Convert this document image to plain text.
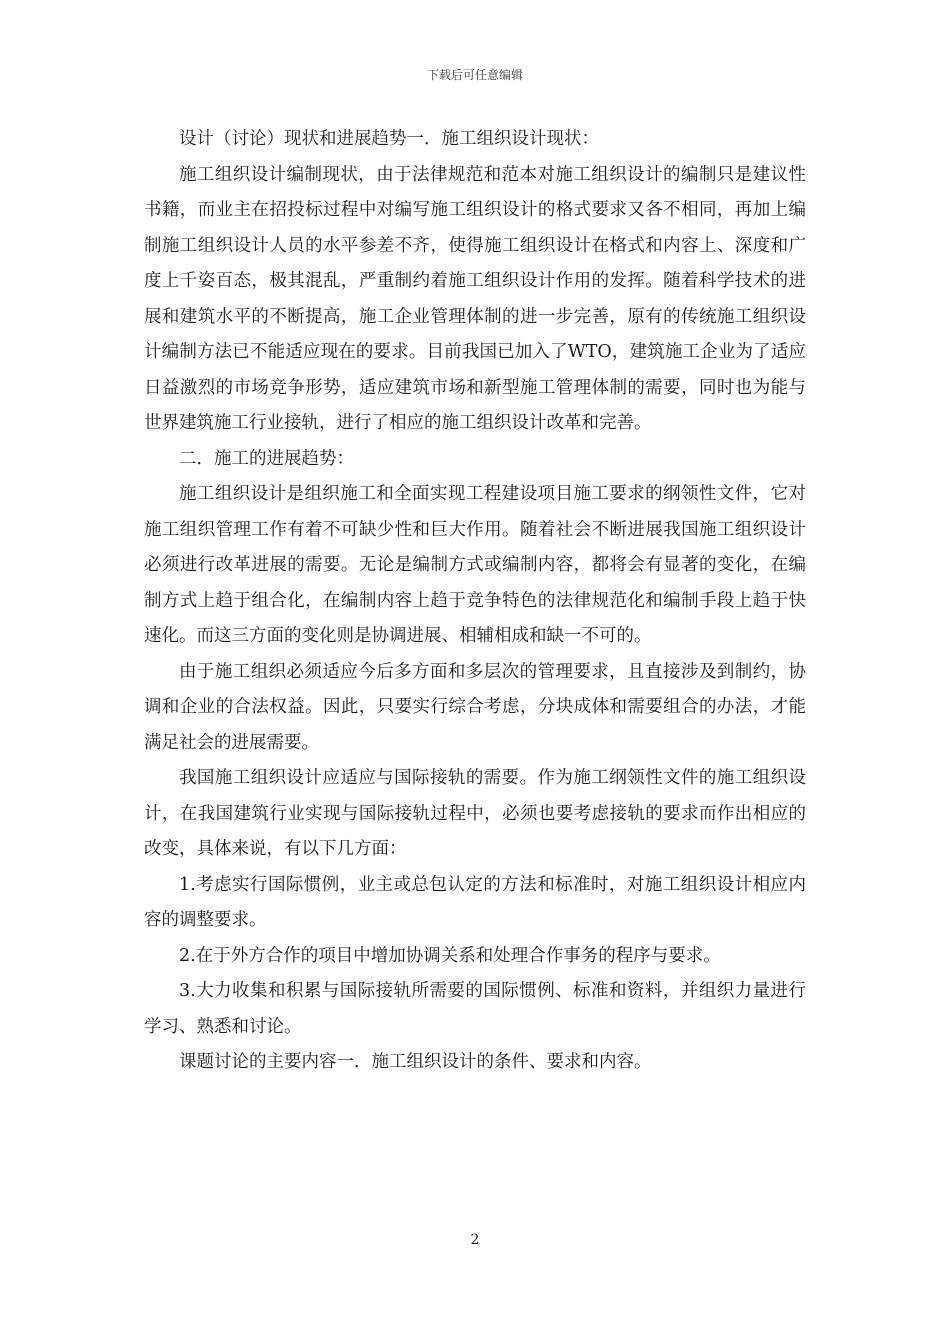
下载后可任意编辑

设计（讨论）现状和进展趋势一．施工组织设计现状：

施工组织设计编制现状，由于法律规范和范本对施工组织设计的编制只是建议性书籍，而业主在招投标过程中对编写施工组织设计的格式要求又各不相同，再加上编制施工组织设计人员的水平参差不齐，使得施工组织设计在格式和内容上、深度和广度上千姿百态，极其混乱，严重制约着施工组织设计作用的发挥。随着科学技术的进展和建筑水平的不断提高，施工企业管理体制的进一步完善，原有的传统施工组织设计编制方法已不能适应现在的要求。目前我国已加入了WTO，建筑施工企业为了适应日益激烈的市场竞争形势，适应建筑市场和新型施工管理体制的需要，同时也为能与世界建筑施工行业接轨，进行了相应的施工组织设计改革和完善。

二．施工的进展趋势：

施工组织设计是组织施工和全面实现工程建设项目施工要求的纲领性文件，它对施工组织管理工作有着不可缺少性和巨大作用。随着社会不断进展我国施工组织设计必须进行改革进展的需要。无论是编制方式或编制内容，都将会有显著的变化，在编制方式上趋于组合化，在编制内容上趋于竞争特色的法律规范化和编制手段上趋于快速化。而这三方面的变化则是协调进展、相辅相成和缺一不可的。

由于施工组织必须适应今后多方面和多层次的管理要求，且直接涉及到制约，协调和企业的合法权益。因此，只要实行综合考虑，分块成体和需要组合的办法，才能满足社会的进展需要。

我国施工组织设计应适应与国际接轨的需要。作为施工纲领性文件的施工组织设计，在我国建筑行业实现与国际接轨过程中，必须也要考虑接轨的要求而作出相应的改变，具体来说，有以下几方面：

1.考虑实行国际惯例，业主或总包认定的方法和标准时，对施工组织设计相应内容的调整要求。

2.在于外方合作的项目中增加协调关系和处理合作事务的程序与要求。

3.大力收集和积累与国际接轨所需要的国际惯例、标准和资料，并组织力量进行学习、熟悉和讨论。

课题讨论的主要内容一．施工组织设计的条件、要求和内容。

2
